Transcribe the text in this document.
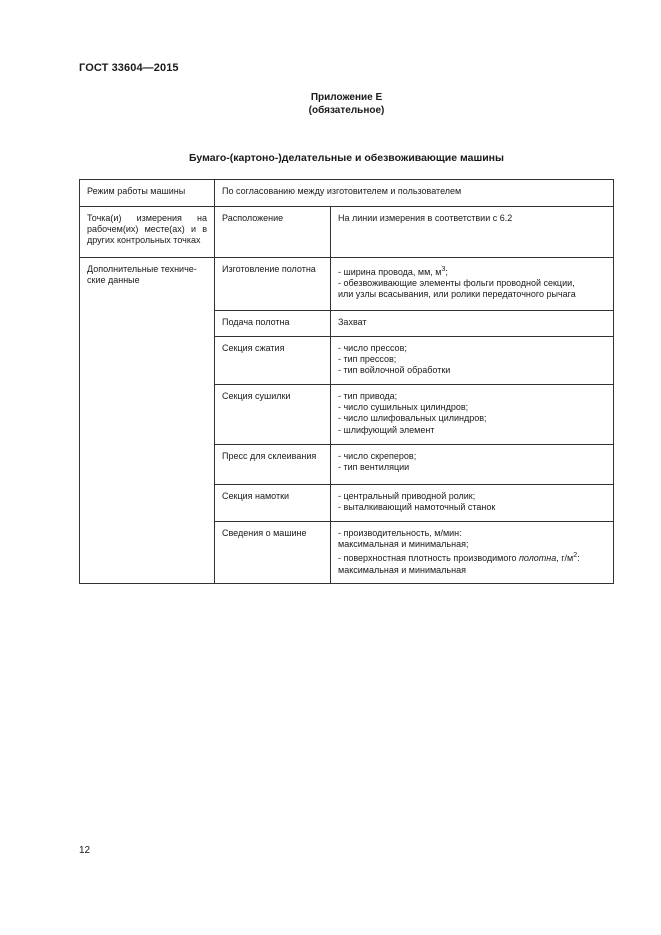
ГОСТ 33604—2015
Приложение Е
(обязательное)
Бумаго-(картоно-)делательные и обезвоживающие машины
Режим работы машины	По согласованию между изготовителем и пользователем	
Точка(и) измерения на рабочем(их) месте(ах) и в других контрольных точках	Расположение	На линии измерения в соответствии с 6.2
Дополнительные техниче-ские данные	Изготовление полотна	- ширина провода, мм, $м^3$;
- обезвоживающие элементы фольги проводной секции,
или узлы всасывания, или ролики передаточного рычага

	Подача полотна	Захват

	Секция сжатия	- число прессов;
- тип прессов;
- тип войлочной обработки

	Секция сушилки	- тип привода;
- число сушильных цилиндров;
- число шлифовальных цилиндров;
- шлифующий элемент

	Пресс для склеивания	- число скреперов;
- тип вентиляции

	Секция намотки	- центральный приводной ролик;
- выталкивающий намоточный станок

	Сведения о машине	- производительность, м/мин:
максимальная и минимальная;
- поверхностная плотность производимого полотна, $г/м^2$:
максимальная и минимальная
12
